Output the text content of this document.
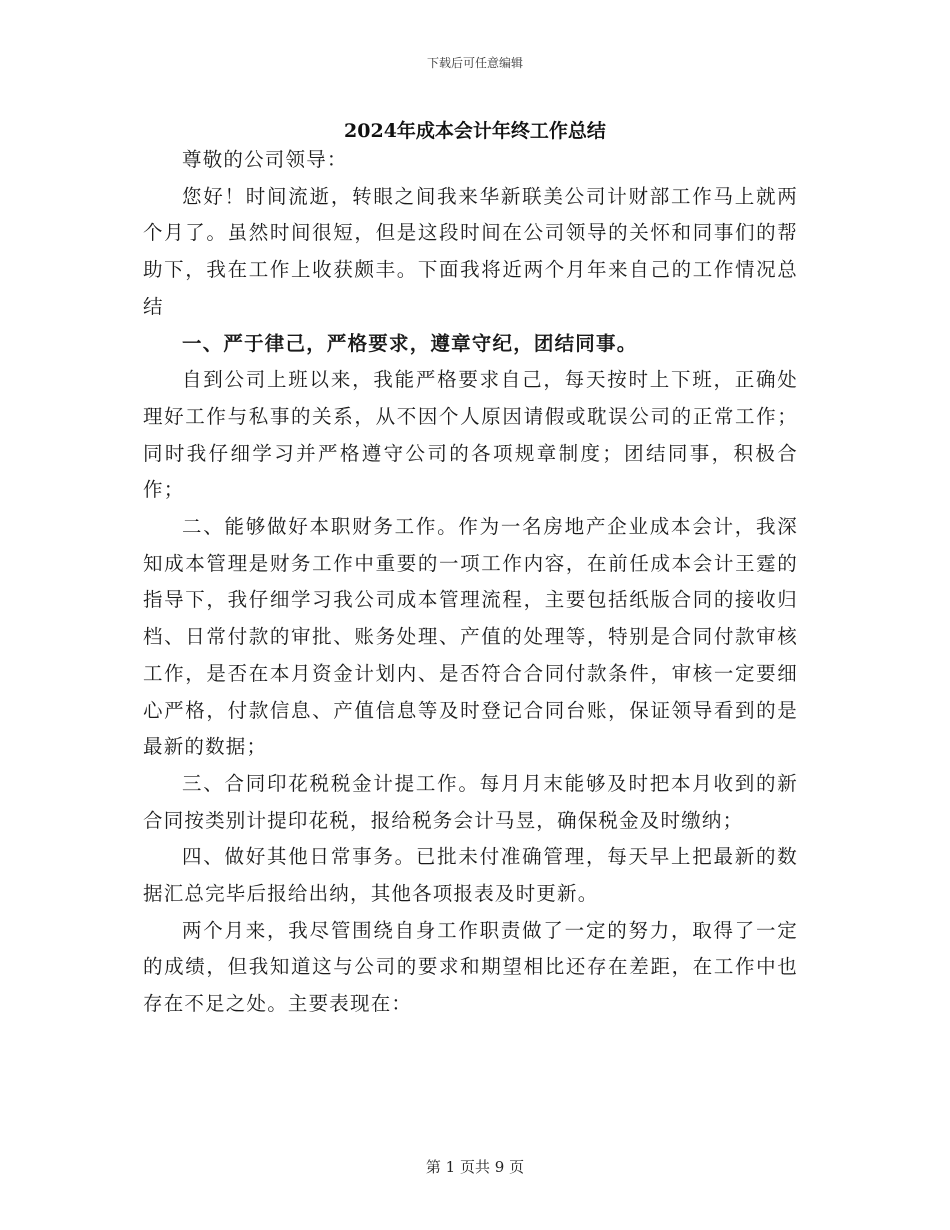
下载后可任意编辑
2024年成本会计年终工作总结

尊敬的公司领导：

您好！时间流逝，转眼之间我来华新联美公司计财部工作马上就两个月了。虽然时间很短，但是这段时间在公司领导的关怀和同事们的帮助下，我在工作上收获颇丰。下面我将近两个月年来自己的工作情况总结

一、严于律己，严格要求，遵章守纪，团结同事。

自到公司上班以来，我能严格要求自己，每天按时上下班，正确处理好工作与私事的关系，从不因个人原因请假或耽误公司的正常工作；同时我仔细学习并严格遵守公司的各项规章制度；团结同事，积极合作；

二、能够做好本职财务工作。作为一名房地产企业成本会计，我深知成本管理是财务工作中重要的一项工作内容，在前任成本会计王霆的指导下，我仔细学习我公司成本管理流程，主要包括纸版合同的接收归档、日常付款的审批、账务处理、产值的处理等，特别是合同付款审核工作，是否在本月资金计划内、是否符合合同付款条件，审核一定要细心严格，付款信息、产值信息等及时登记合同台账，保证领导看到的是最新的数据；

三、合同印花税税金计提工作。每月月末能够及时把本月收到的新合同按类别计提印花税，报给税务会计马昱，确保税金及时缴纳；

四、做好其他日常事务。已批未付准确管理，每天早上把最新的数据汇总完毕后报给出纳，其他各项报表及时更新。

两个月来，我尽管围绕自身工作职责做了一定的努力，取得了一定的成绩，但我知道这与公司的要求和期望相比还存在差距，在工作中也存在不足之处。主要表现在：

第 1 页共 9 页
